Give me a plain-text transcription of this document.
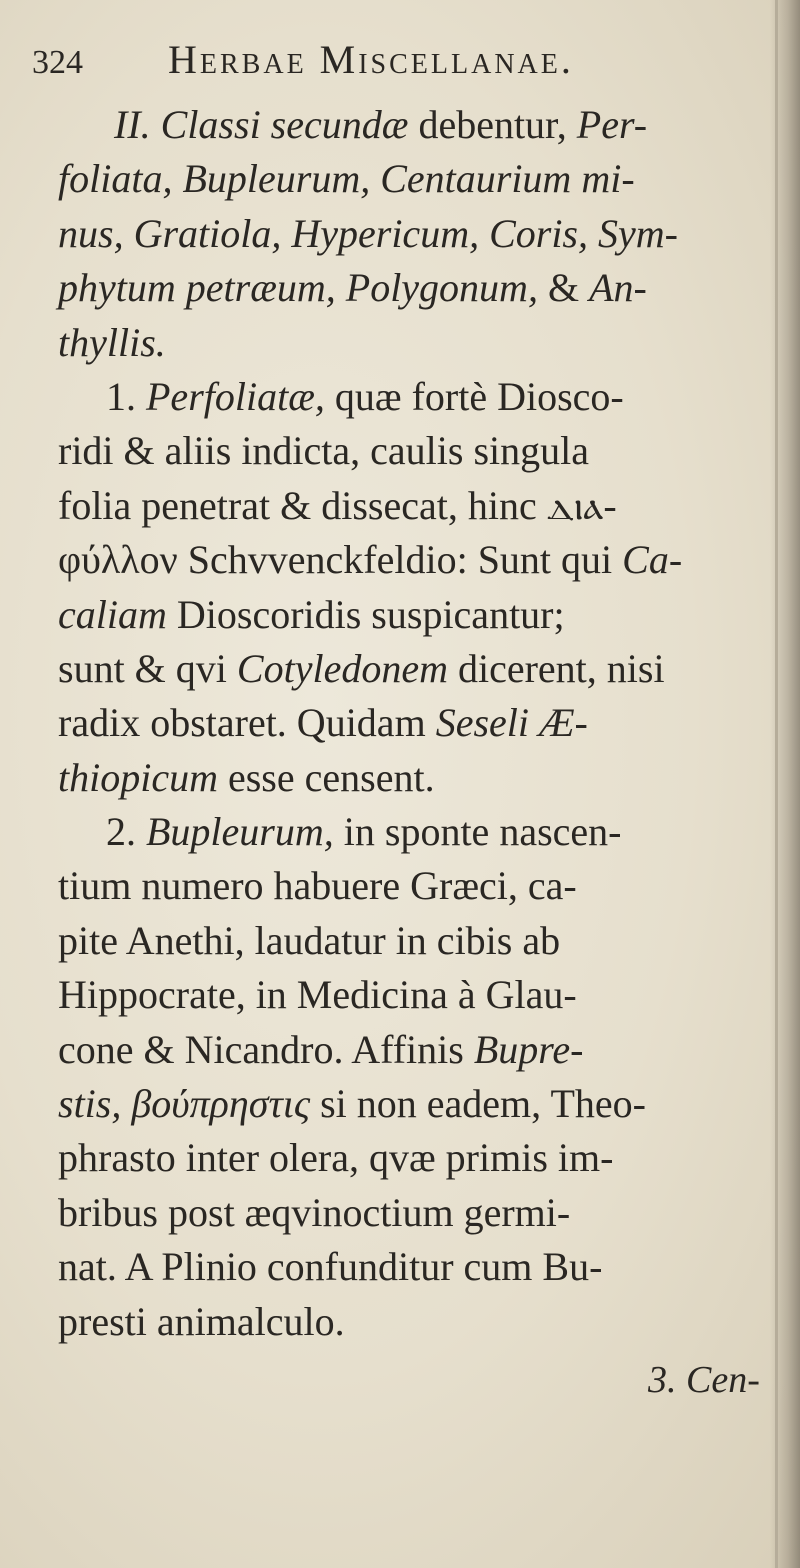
324 Herbae Miscellanae.
II. Classi secundæ debentur, Per-
foliata, Bupleurum, Centaurium mi-
nus, Gratiola, Hypericum, Coris, Sym-
phytum petræum, Polygonum, & An-
thyllis.
1. Perfoliatæ, quæ fortè Diosco-
ridi & aliis indicta, caulis singula
folia penetrat & dissecat, hinc ⲇⲓⲁ-
φύλλον Schvvenckfeldio: Sunt qui Ca-
caliam Dioscoridis suspicantur;
sunt & qvi Cotyledonem dicerent, nisi
radix obstaret. Quidam Seseli Æ-
thiopicum esse censent.
2. Bupleurum, in sponte nascen-
tium numero habuere Græci, ca-
pite Anethi, laudatur in cibis ab
Hippocrate, in Medicina à Glau-
cone & Nicandro. Affinis Bupre-
stis, βούπρηστις si non eadem, Theo-
phrasto inter olera, qvæ primis im-
bribus post æqvinoctium germi-
nat. A Plinio confunditur cum Bu-
presti animalculo.
3. Cen-
